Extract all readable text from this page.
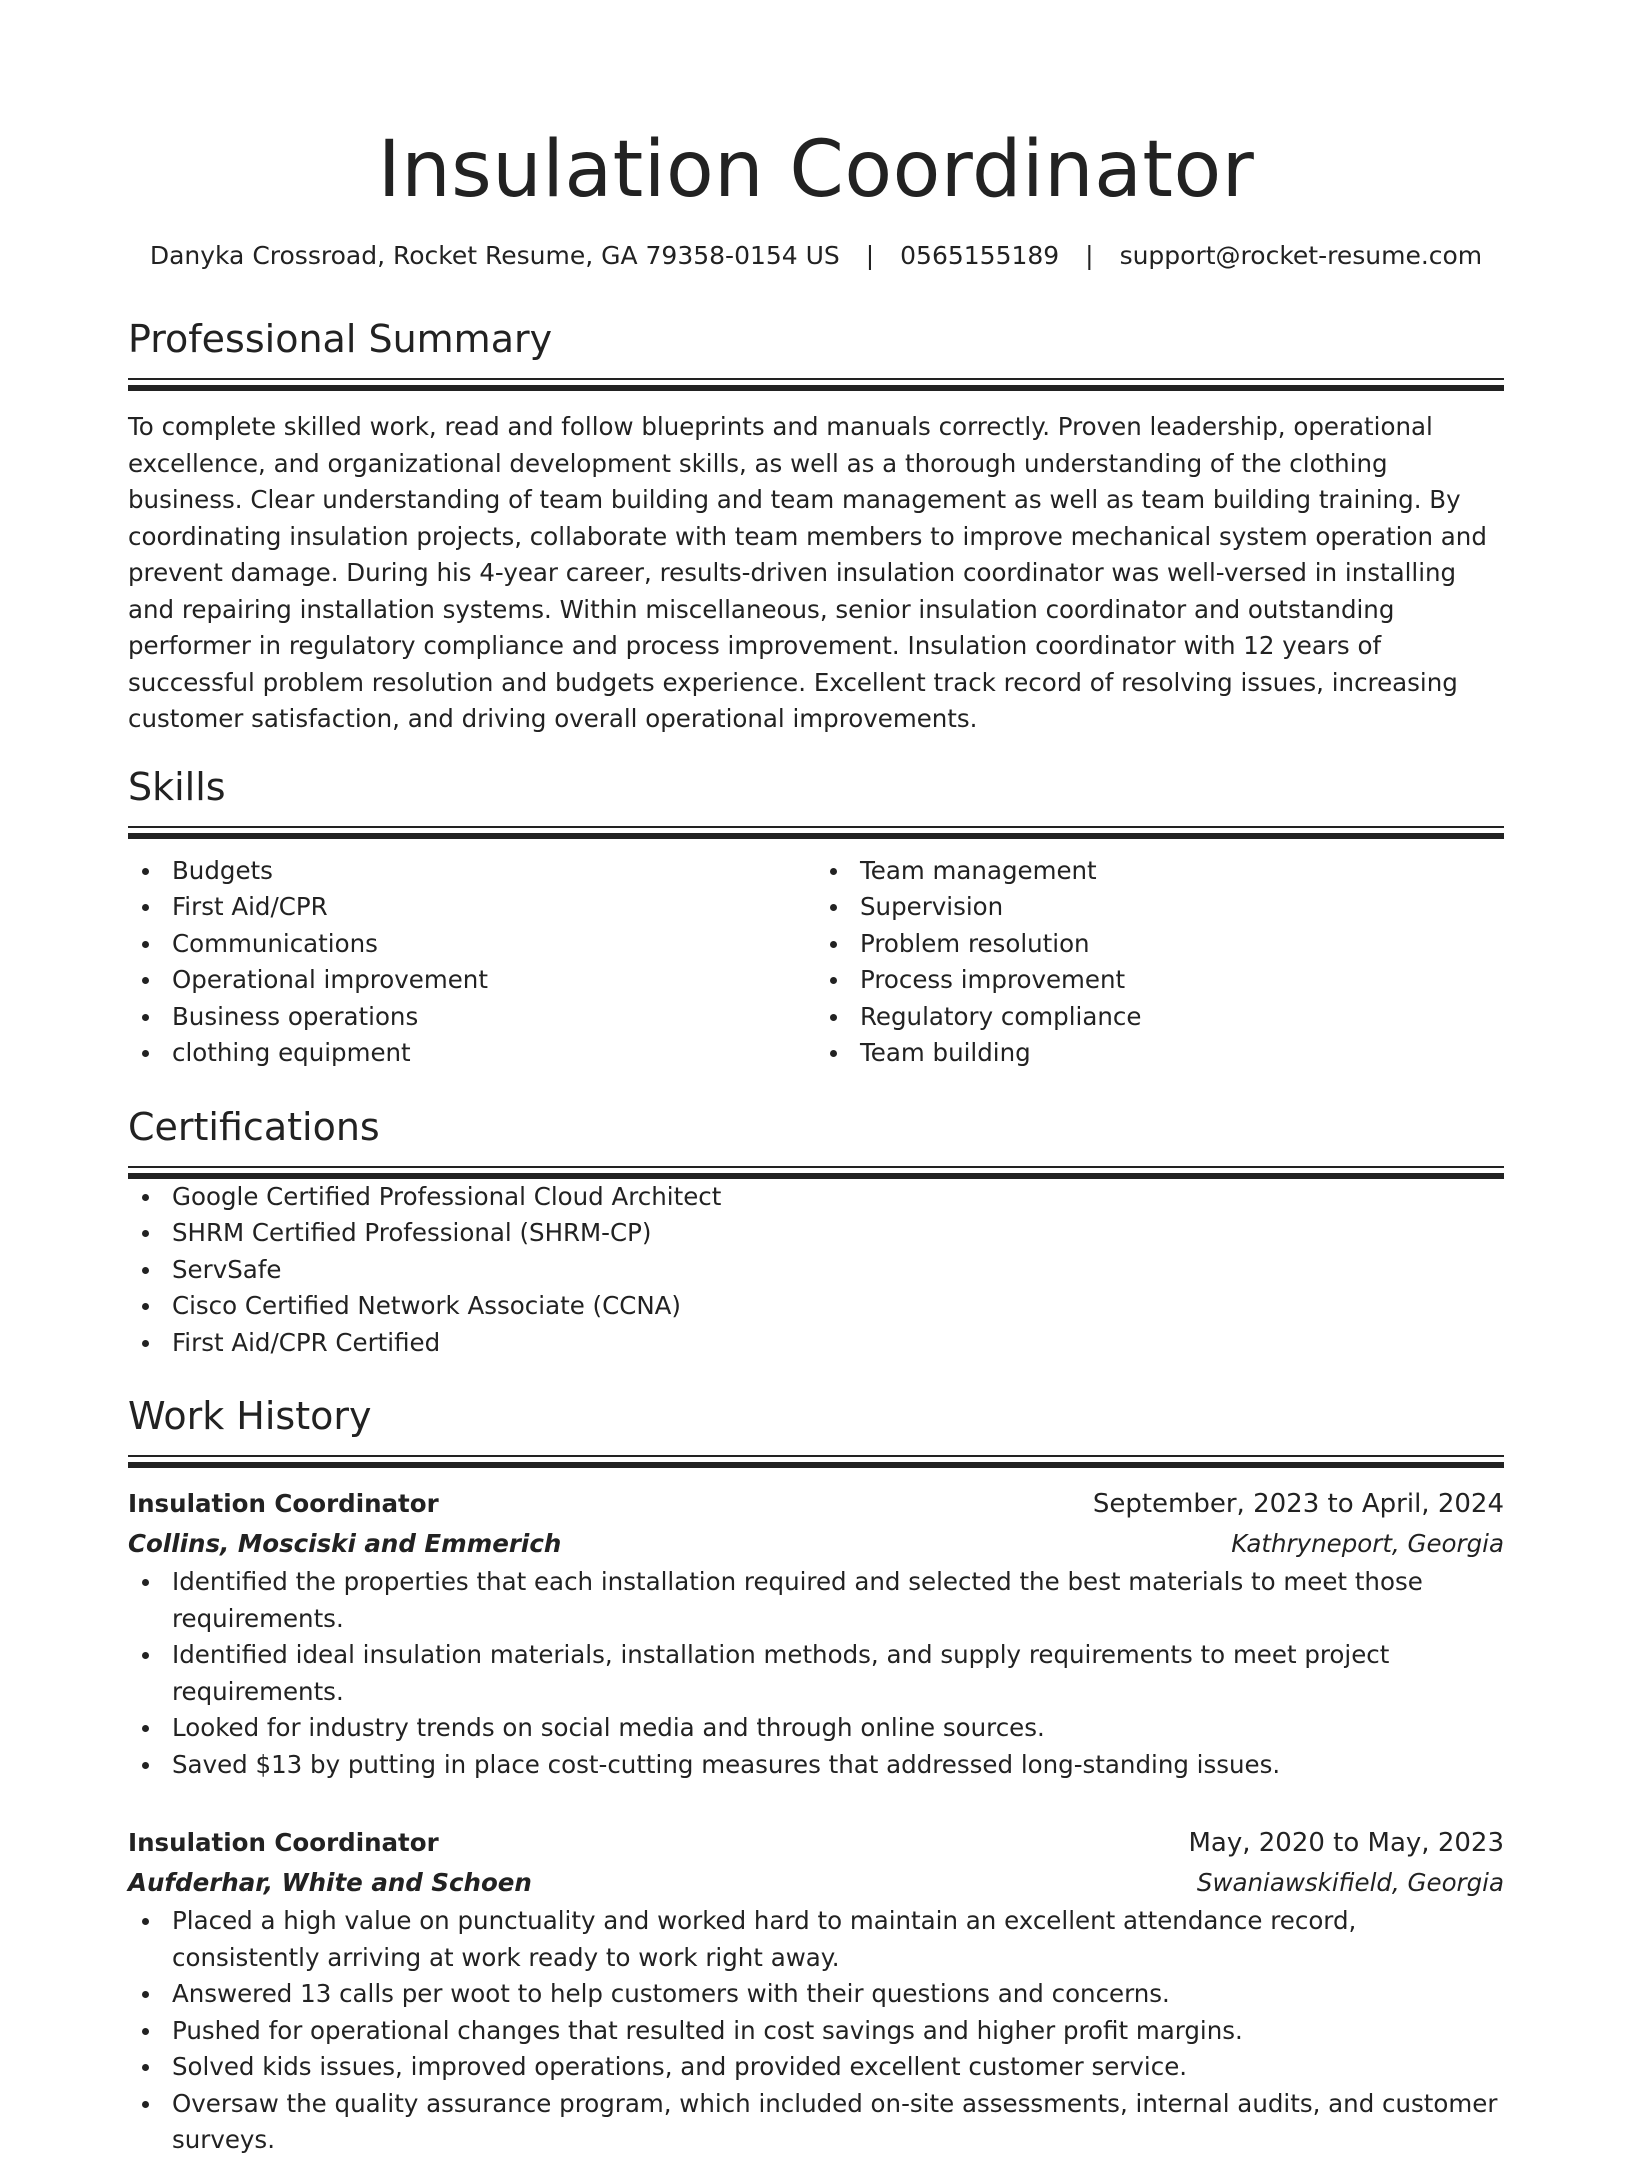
Insulation Coordinator
Danyka Crossroad, Rocket Resume, GA 79358-0154 US | 0565155189 | support@rocket-resume.com
Professional Summary

To complete skilled work, read and follow blueprints and manuals correctly. Proven leadership, operational excellence, and organizational development skills, as well as a thorough understanding of the clothing business. Clear understanding of team building and team management as well as team building training. By coordinating insulation projects, collaborate with team members to improve mechanical system operation and prevent damage. During his 4-year career, results-driven insulation coordinator was well-versed in installing and repairing installation systems. Within miscellaneous, senior insulation coordinator and outstanding performer in regulatory compliance and process improvement. Insulation coordinator with 12 years of successful problem resolution and budgets experience. Excellent track record of resolving issues, increasing customer satisfaction, and driving overall operational improvements.

Skills
Budgets
First Aid/CPR
Communications
Operational improvement
Business operations
clothing equipment
Team management
Supervision
Problem resolution
Process improvement
Regulatory compliance
Team building
Certifications
Google Certified Professional Cloud Architect
SHRM Certified Professional (SHRM-CP)
ServSafe
Cisco Certified Network Associate (CCNA)
First Aid/CPR Certified
Work History
Insulation Coordinator	September, 2023 to April, 2024
Collins, Mosciski and Emmerich	Kathryneport, Georgia
Identified the properties that each installation required and selected the best materials to meet those requirements.
Identified ideal insulation materials, installation methods, and supply requirements to meet project requirements.
Looked for industry trends on social media and through online sources.
Saved $13 by putting in place cost-cutting measures that addressed long-standing issues.
Insulation Coordinator	May, 2020 to May, 2023
Aufderhar, White and Schoen	Swaniawskifield, Georgia
Placed a high value on punctuality and worked hard to maintain an excellent attendance record, consistently arriving at work ready to work right away.
Answered 13 calls per woot to help customers with their questions and concerns.
Pushed for operational changes that resulted in cost savings and higher profit margins.
Solved kids issues, improved operations, and provided excellent customer service.
Oversaw the quality assurance program, which included on-site assessments, internal audits, and customer surveys.
